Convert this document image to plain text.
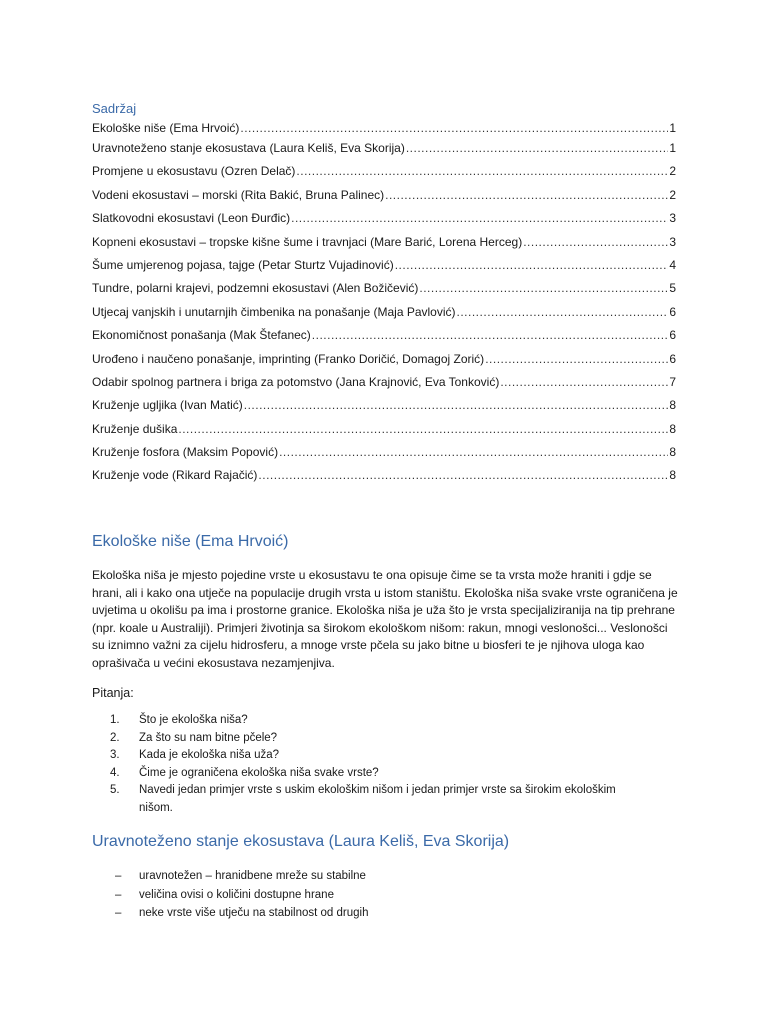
Sadržaj
Ekološke niše (Ema Hrvoić) .....	1
Uravnoteženo stanje ekosustava (Laura Keliš, Eva Skorija) .....	1
Promjene u ekosustavu (Ozren Delač) .....	2
Vodeni ekosustavi – morski (Rita Bakić, Bruna Palinec) .....	2
Slatkovodni ekosustavi (Leon Đurđic) .....	3
Kopneni ekosustavi – tropske kišne šume i travnjaci (Mare Barić, Lorena Herceg) .....	3
Šume umjerenog pojasa, tajge (Petar Sturtz Vujadinović) .....	4
Tundre, polarni krajevi, podzemni ekosustavi (Alen Božičević) .....	5
Utjecaj vanjskih i unutarnjih čimbenika na ponašanje (Maja Pavlović) .....	6
Ekonomičnost ponašanja (Mak Štefanec) .....	6
Urođeno i naučeno ponašanje, imprinting (Franko Doričić, Domagoj Zorić) .....	6
Odabir spolnog partnera i briga za potomstvo (Jana Krajnović, Eva Tonković) .....	7
Kruženje ugljika (Ivan Matić) .....	8
Kruženje dušika .....	8
Kruženje fosfora (Maksim Popović) .....	8
Kruženje vode (Rikard Rajačić) .....	8
Ekološke niše (Ema Hrvoić)

Ekološka niša je mjesto pojedine vrste u ekosustavu te ona opisuje čime se ta vrsta može hraniti i gdje se hrani, ali i kako ona utječe na populacije drugih vrsta u istom staništu. Ekološka niša svake vrste ograničena je uvjetima u okolišu pa ima i prostorne granice. Ekološka niša je uža što je vrsta specijaliziranija na tip prehrane (npr. koale u Australiji). Primjeri životinja sa širokom ekološkom nišom: rakun, mnogi veslonošci... Veslonošci su iznimno važni za cijelu hidrosferu, a mnoge vrste pčela su jako bitne u biosferi te je njihova uloga kao oprašivača u većini ekosustava nezamjenjiva.

Pitanja:
1.	Što je ekološka niša?
2.	Za što su nam bitne pčele?
3.	Kada je ekološka niša uža?
4.	Čime je ograničena ekološka niša svake vrste?
5.	Navedi jedan primjer vrste s uskim ekološkim nišom i jedan primjer vrste sa širokim ekološkim nišom.
Uravnoteženo stanje ekosustava (Laura Keliš, Eva Skorija)
–	uravnotežen – hranidbene mreže su stabilne
–	veličina ovisi o količini dostupne hrane
–	neke vrste više utječu na stabilnost od drugih
